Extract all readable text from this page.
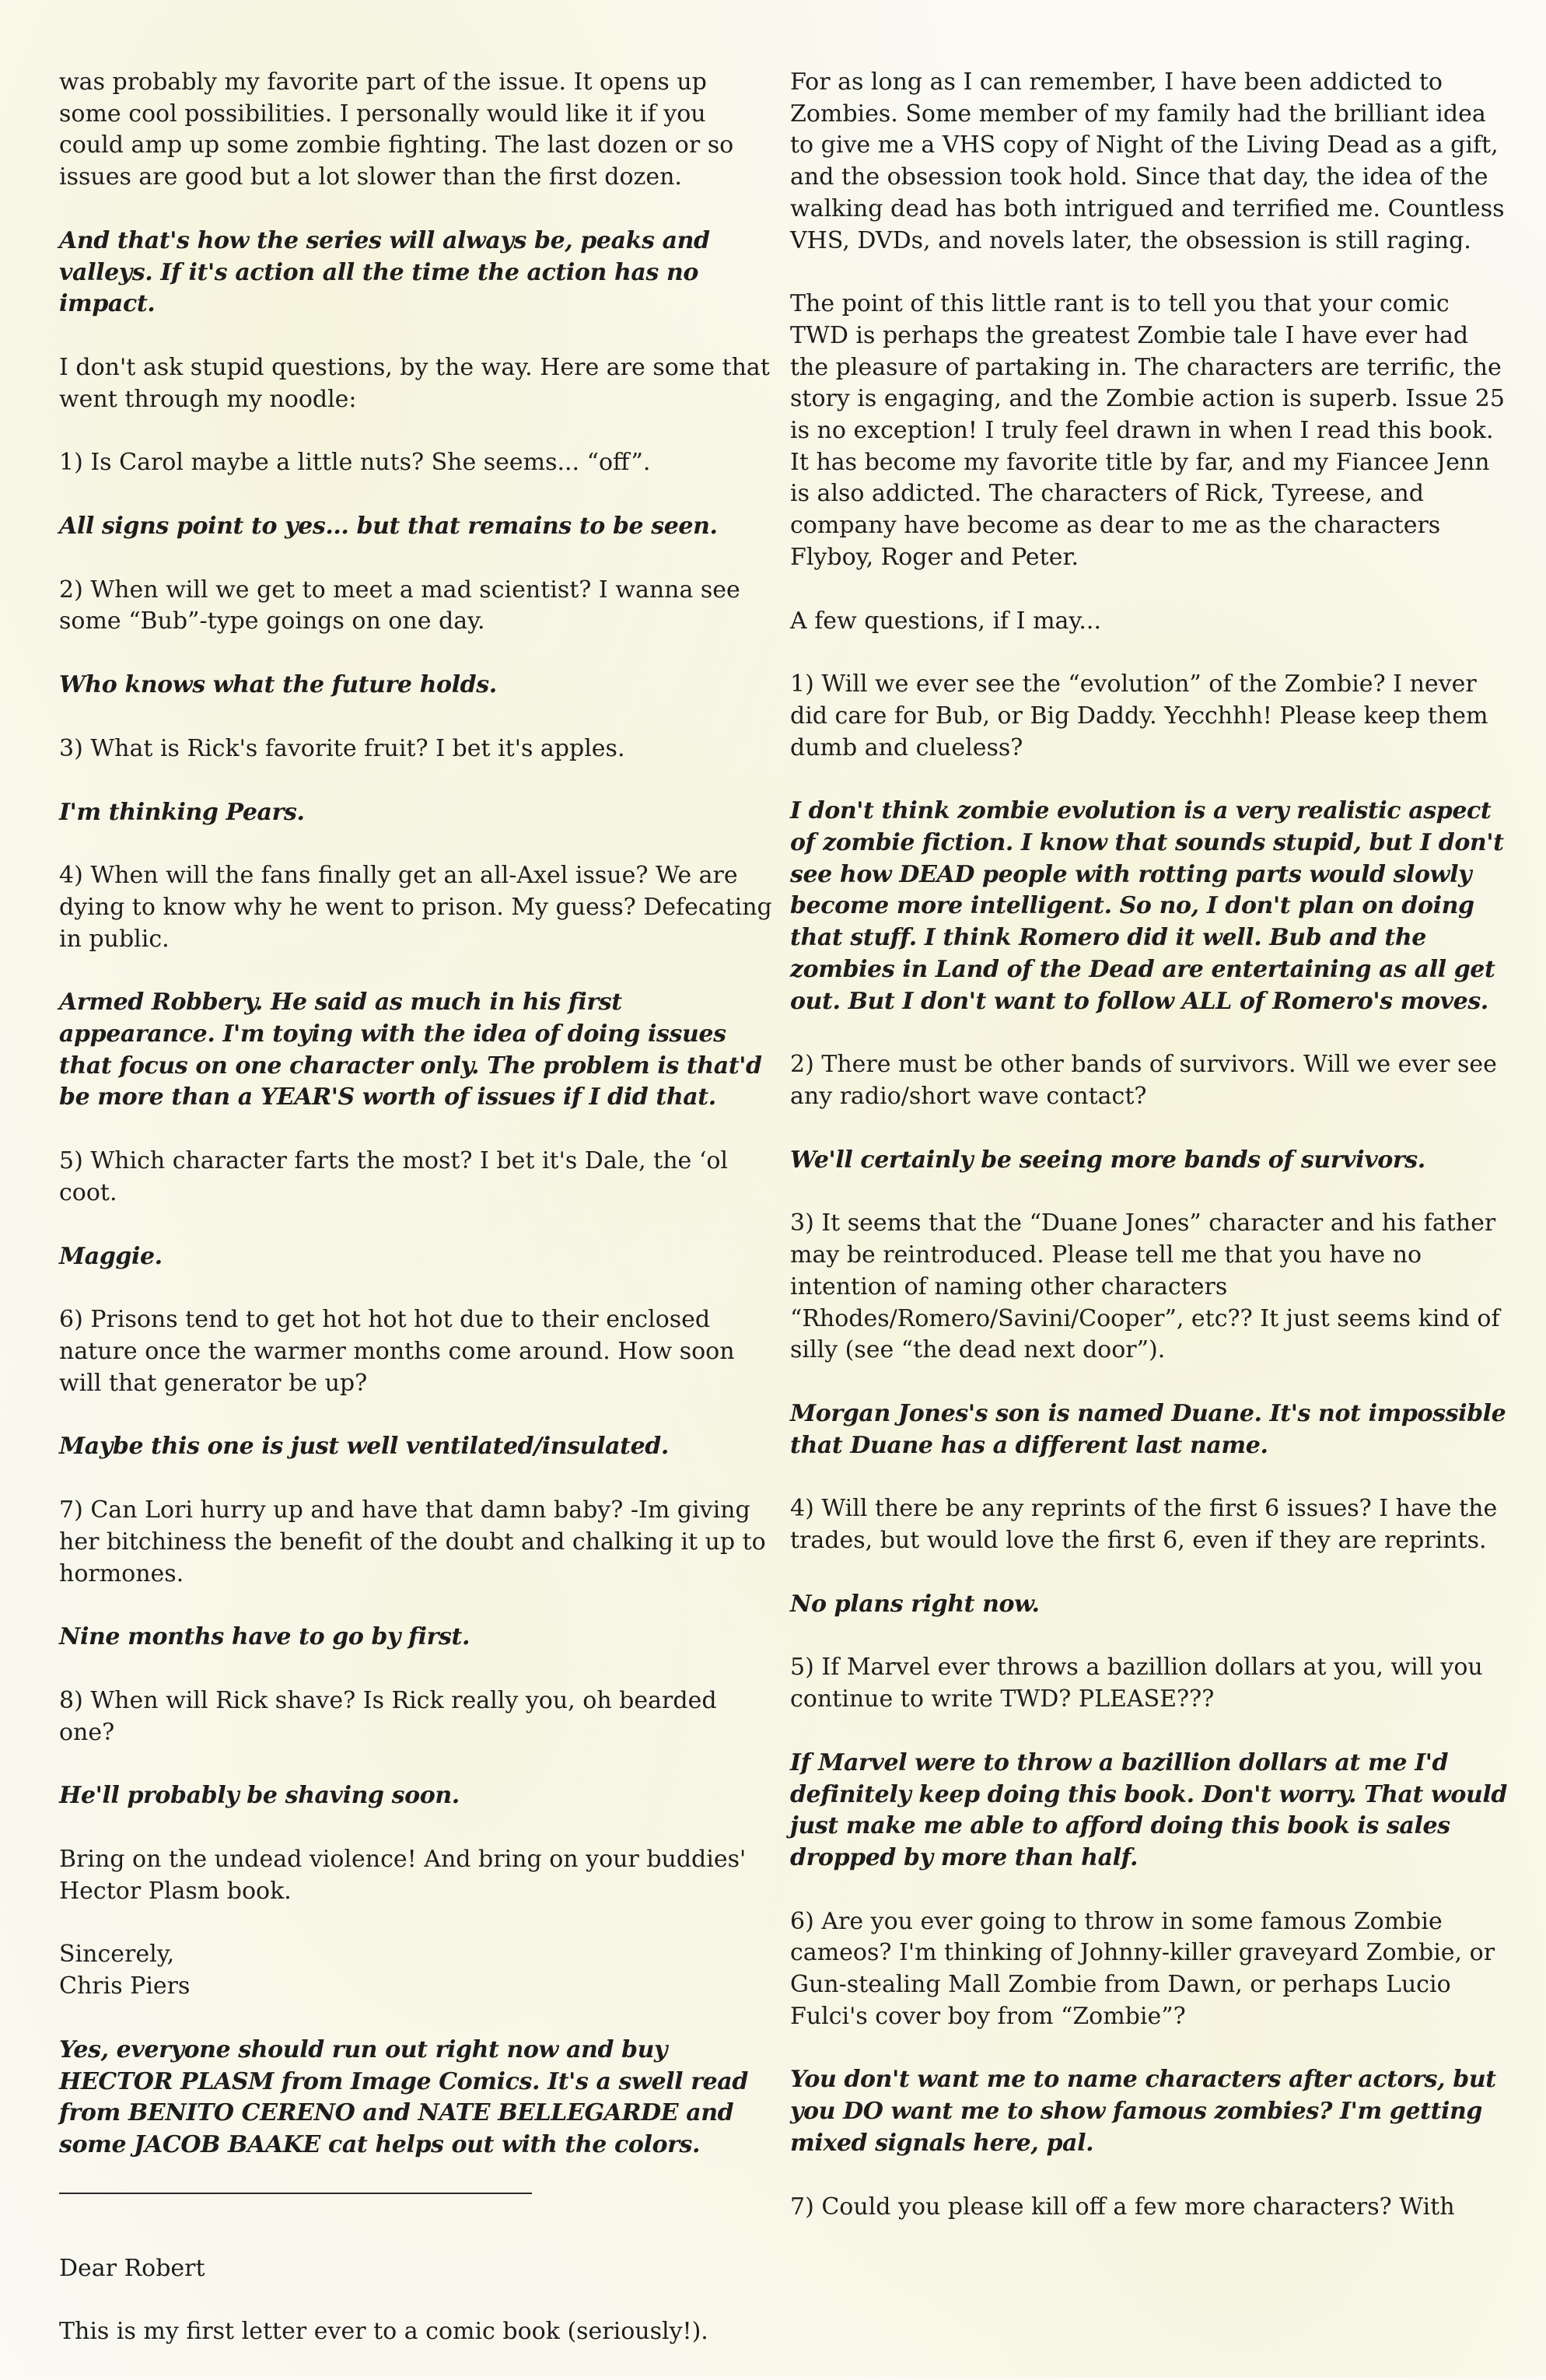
was probably my favorite part of the issue. It opens up some cool possibilities. I personally would like it if you could amp up some zombie fighting. The last dozen or so issues are good but a lot slower than the first dozen.

And that's how the series will always be, peaks and valleys. If it's action all the time the action has no impact.

I don't ask stupid questions, by the way. Here are some that went through my noodle:

1) Is Carol maybe a little nuts? She seems... “off”.

All signs point to yes... but that remains to be seen.

2) When will we get to meet a mad scientist? I wanna see some “Bub”-type goings on one day.

Who knows what the future holds.

3) What is Rick's favorite fruit? I bet it's apples.

I'm thinking Pears.

4) When will the fans finally get an all-Axel issue? We are dying to know why he went to prison. My guess? Defecating in public.

Armed Robbery. He said as much in his first appearance. I'm toying with the idea of doing issues that focus on one character only. The problem is that'd be more than a YEAR'S worth of issues if I did that.

5) Which character farts the most? I bet it's Dale, the ‘ol coot.

Maggie.

6) Prisons tend to get hot hot hot due to their enclosed nature once the warmer months come around. How soon will that generator be up?

Maybe this one is just well ventilated/insulated.

7) Can Lori hurry up and have that damn baby? -Im giving her bitchiness the benefit of the doubt and chalking it up to hormones.

Nine months have to go by first.

8) When will Rick shave? Is Rick really you, oh bearded one?

He'll probably be shaving soon.

Bring on the undead violence! And bring on your buddies' Hector Plasm book.

Sincerely,
Chris Piers

Yes, everyone should run out right now and buy HECTOR PLASM from Image Comics. It's a swell read from BENITO CERENO and NATE BELLEGARDE and some JACOB BAAKE cat helps out with the colors.

Dear Robert

This is my first letter ever to a comic book (seriously!).

For as long as I can remember, I have been addicted to Zombies. Some member of my family had the brilliant idea to give me a VHS copy of Night of the Living Dead as a gift, and the obsession took hold. Since that day, the idea of the walking dead has both intrigued and terrified me. Countless VHS, DVDs, and novels later, the obsession is still raging.

The point of this little rant is to tell you that your comic TWD is perhaps the greatest Zombie tale I have ever had the pleasure of partaking in. The characters are terrific, the story is engaging, and the Zombie action is superb. Issue 25 is no exception! I truly feel drawn in when I read this book. It has become my favorite title by far, and my Fiancee Jenn is also addicted. The characters of Rick, Tyreese, and company have become as dear to me as the characters Flyboy, Roger and Peter.

A few questions, if I may...

1) Will we ever see the “evolution” of the Zombie? I never did care for Bub, or Big Daddy. Yecchhh! Please keep them dumb and clueless?

I don't think zombie evolution is a very realistic aspect of zombie fiction. I know that sounds stupid, but I don't see how DEAD people with rotting parts would slowly become more intelligent. So no, I don't plan on doing that stuff. I think Romero did it well. Bub and the zombies in Land of the Dead are entertaining as all get out. But I don't want to follow ALL of Romero's moves.

2) There must be other bands of survivors. Will we ever see any radio/short wave contact?

We'll certainly be seeing more bands of survivors.

3) It seems that the “Duane Jones” character and his father may be reintroduced. Please tell me that you have no intention of naming other characters “Rhodes/Romero/Savini/Cooper”, etc?? It just seems kind of silly (see “the dead next door”).

Morgan Jones's son is named Duane. It's not impossible that Duane has a different last name.

4) Will there be any reprints of the first 6 issues? I have the trades, but would love the first 6, even if they are reprints.

No plans right now.

5) If Marvel ever throws a bazillion dollars at you, will you continue to write TWD? PLEASE???

If Marvel were to throw a bazillion dollars at me I'd definitely keep doing this book. Don't worry. That would just make me able to afford doing this book is sales dropped by more than half.

6) Are you ever going to throw in some famous Zombie cameos? I'm thinking of Johnny-killer graveyard Zombie, or Gun-stealing Mall Zombie from Dawn, or perhaps Lucio Fulci's cover boy from “Zombie”?

You don't want me to name characters after actors, but you DO want me to show famous zombies? I'm getting mixed signals here, pal.

7) Could you please kill off a few more characters? With
